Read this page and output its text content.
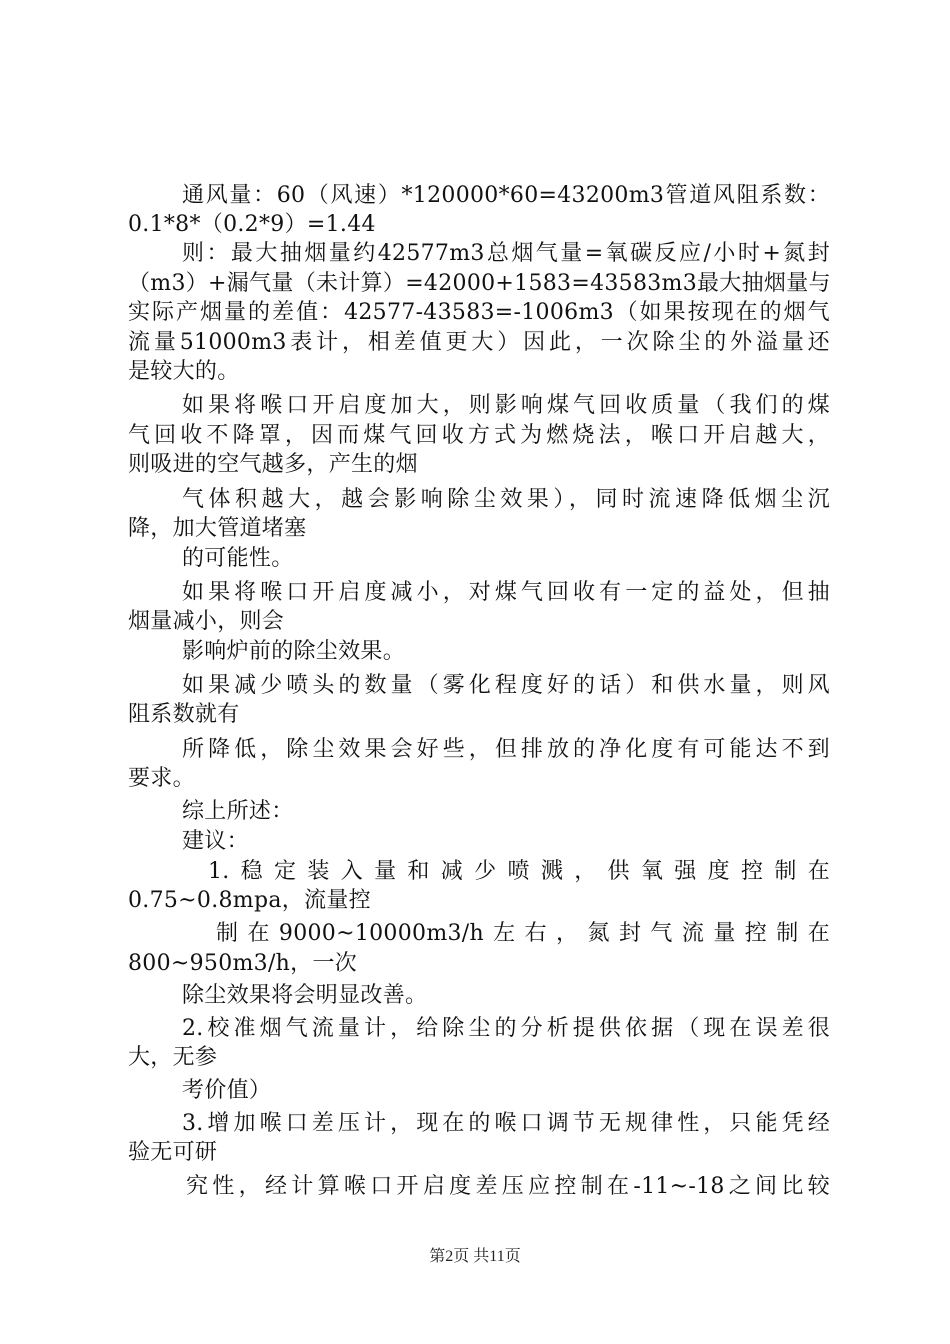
通风量：60（风速）*120000*60=43200m3管道风阻系数：
0.1*8*（0.2*9）=1.44
则：最大抽烟量约42577m3总烟气量=氧碳反应/小时+氮封
（m3）+漏气量（未计算）=42000+1583=43583m3最大抽烟量与
实际产烟量的差值：42577-43583=-1006m3（如果按现在的烟气
流量51000m3表计，相差值更大）因此，一次除尘的外溢量还
是较大的。
如果将喉口开启度加大，则影响煤气回收质量（我们的煤
气回收不降罩，因而煤气回收方式为燃烧法，喉口开启越大，
则吸进的空气越多，产生的烟
气体积越大，越会影响除尘效果），同时流速降低烟尘沉
降，加大管道堵塞
的可能性。
如果将喉口开启度减小，对煤气回收有一定的益处，但抽
烟量减小，则会
影响炉前的除尘效果。
如果减少喷头的数量（雾化程度好的话）和供水量，则风
阻系数就有
所降低，除尘效果会好些，但排放的净化度有可能达不到
要求。
综上所述：
建议：
1.稳定装入量和减少喷溅，供氧强度控制在
0.75~0.8mpa，流量控
制在9000~10000m3/h左右，氮封气流量控制在
800~950m3/h，一次
除尘效果将会明显改善。
2.校准烟气流量计，给除尘的分析提供依据（现在误差很
大，无参
考价值）
3.增加喉口差压计，现在的喉口调节无规律性，只能凭经
验无可研
究性，经计算喉口开启度差压应控制在-11~-18之间比较
第2页 共11页
